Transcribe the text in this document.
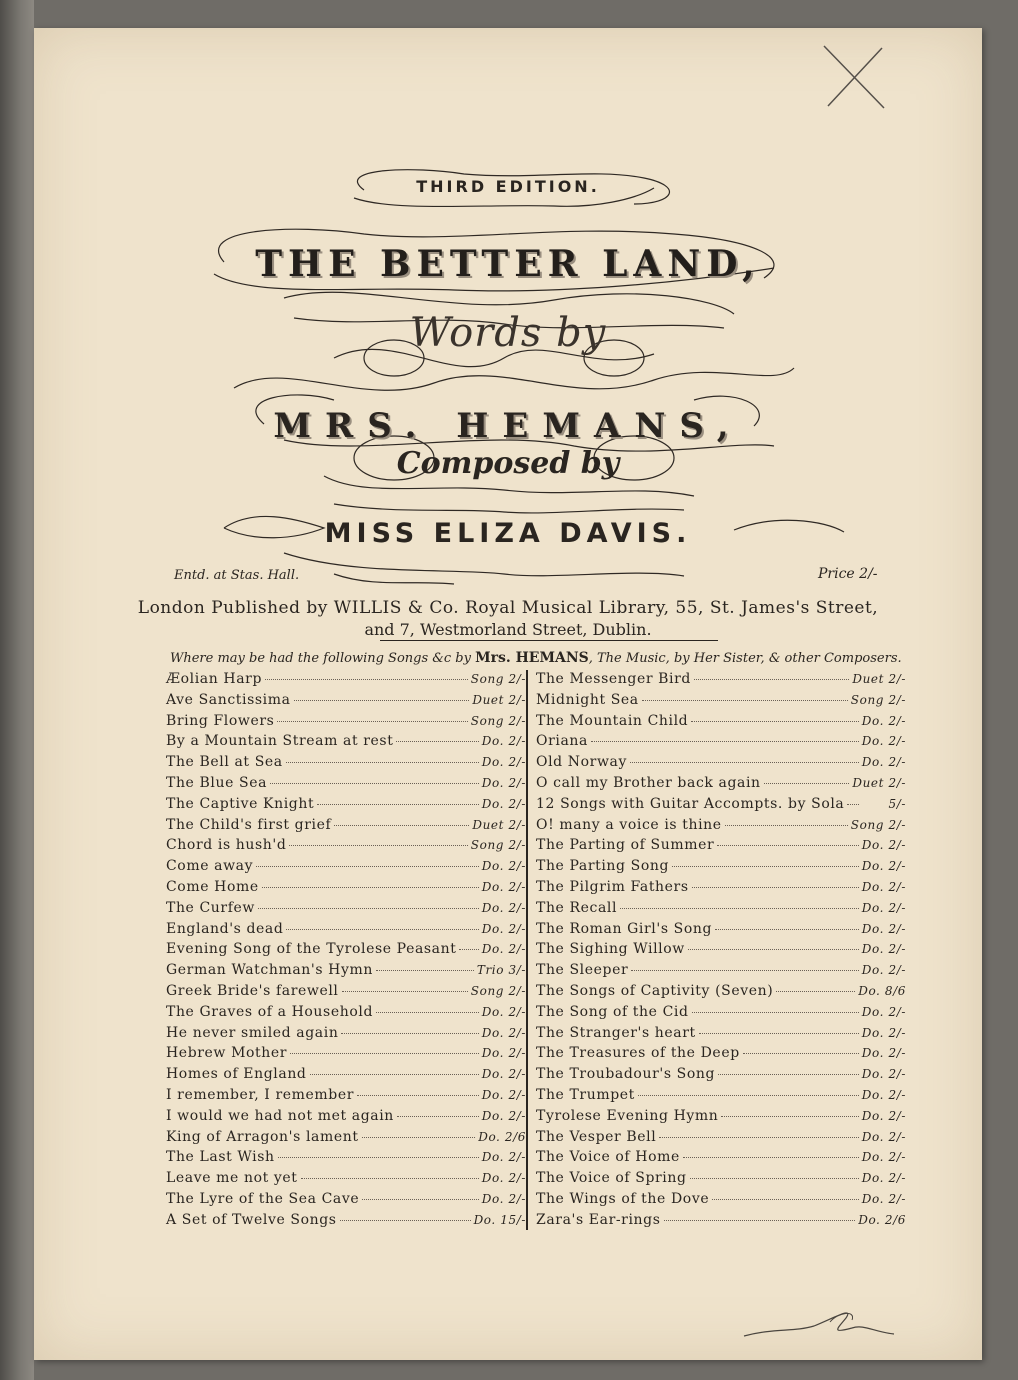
THIRD EDITION.
THE BETTER LAND,
Words by
MRS. HEMANS,
Composed by
MISS ELIZA DAVIS.
Entd. at Stas. Hall.	Price 2/-
London Published by WILLIS & Co. Royal Musical Library, 55, St. James's Street,
and 7, Westmorland Street, Dublin.
Where may be had the following Songs &c by Mrs. HEMANS, The Music, by Her Sister, & other Composers.
Æolian Harp	Song 2/-
Ave Sanctissima	Duet 2/-
Bring Flowers	Song 2/-
By a Mountain Stream at rest	Do. 2/-
The Bell at Sea	Do. 2/-
The Blue Sea	Do. 2/-
The Captive Knight	Do. 2/-
The Child's first grief	Duet 2/-
Chord is hush'd	Song 2/-
Come away	Do. 2/-
Come Home	Do. 2/-
The Curfew	Do. 2/-
England's dead	Do. 2/-
Evening Song of the Tyrolese Peasant Do. 2/-
German Watchman's Hymn	Trio 3/-
Greek Bride's farewell	Song 2/-
The Graves of a Household	Do. 2/-
He never smiled again	Do. 2/-
Hebrew Mother	Do. 2/-
Homes of England	Do. 2/-
I remember, I remember	Do. 2/-
I would we had not met again	Do. 2/-
King of Arragon's lament	Do. 2/6
The Last Wish	Do. 2/-
Leave me not yet	Do. 2/-
The Lyre of the Sea Cave	Do. 2/-
A Set of Twelve Songs	Do. 15/-
The Messenger Bird	Duet 2/-
Midnight Sea	Song 2/-
The Mountain Child	Do. 2/-
Oriana	Do. 2/-
Old Norway	Do. 2/-
O call my Brother back again	Duet 2/-
12 Songs with Guitar Accompts. by Sola	5/-
O! many a voice is thine	Song 2/-
The Parting of Summer	Do. 2/-
The Parting Song	Do. 2/-
The Pilgrim Fathers	Do. 2/-
The Recall	Do. 2/-
The Roman Girl's Song	Do. 2/-
The Sighing Willow	Do. 2/-
The Sleeper	Do. 2/-
The Songs of Captivity (Seven)	Do. 8/6
The Song of the Cid	Do. 2/-
The Stranger's heart	Do. 2/-
The Treasures of the Deep	Do. 2/-
The Troubadour's Song	Do. 2/-
The Trumpet	Do. 2/-
Tyrolese Evening Hymn	Do. 2/-
The Vesper Bell	Do. 2/-
The Voice of Home	Do. 2/-
The Voice of Spring	Do. 2/-
The Wings of the Dove	Do. 2/-
Zara's Ear-rings	Do. 2/6
